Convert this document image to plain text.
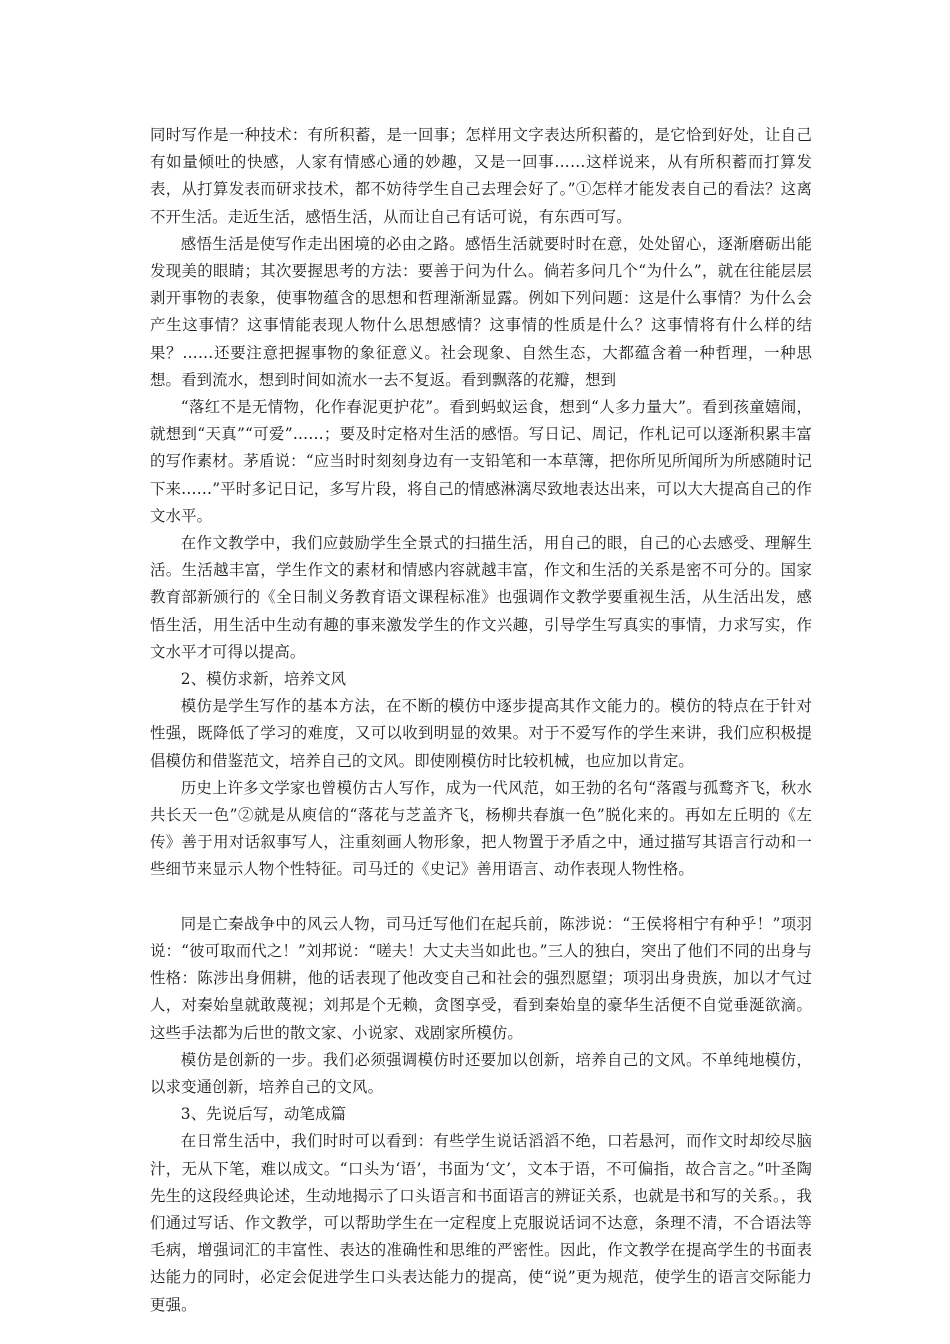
同时写作是一种技术：有所积蓄，是一回事；怎样用文字表达所积蓄的，是它恰到好处，让自己有如量倾吐的快感，人家有情感心通的妙趣，又是一回事……这样说来，从有所积蓄而打算发表，从打算发表而研求技术，都不妨待学生自己去理会好了。”①怎样才能发表自己的看法？这离不开生活。走近生活，感悟生活，从而让自己有话可说，有东西可写。

感悟生活是使写作走出困境的必由之路。感悟生活就要时时在意，处处留心，逐渐磨砺出能发现美的眼睛；其次要握思考的方法：要善于问为什么。倘若多问几个“为什么”，就在往能层层剥开事物的表象，使事物蕴含的思想和哲理渐渐显露。例如下列问题：这是什么事情？为什么会产生这事情？这事情能表现人物什么思想感情？这事情的性质是什么？这事情将有什么样的结果？……还要注意把握事物的象征意义。社会现象、自然生态，大都蕴含着一种哲理，一种思想。看到流水，想到时间如流水一去不复返。看到飘落的花瓣，想到

“落红不是无情物，化作春泥更护花”。看到蚂蚁运食，想到“人多力量大”。看到孩童嬉闹，就想到“天真”“可爱”……；要及时定格对生活的感悟。写日记、周记，作札记可以逐渐积累丰富的写作素材。茅盾说：“应当时时刻刻身边有一支铅笔和一本草簿，把你所见所闻所为所感随时记下来……”平时多记日记，多写片段，将自己的情感淋漓尽致地表达出来，可以大大提高自己的作文水平。

在作文教学中，我们应鼓励学生全景式的扫描生活，用自己的眼，自己的心去感受、理解生活。生活越丰富，学生作文的素材和情感内容就越丰富，作文和生活的关系是密不可分的。国家教育部新颁行的《全日制义务教育语文课程标准》也强调作文教学要重视生活，从生活出发，感悟生活，用生活中生动有趣的事来激发学生的作文兴趣，引导学生写真实的事情，力求写实，作文水平才可得以提高。

2、模仿求新，培养文风

模仿是学生写作的基本方法，在不断的模仿中逐步提高其作文能力的。模仿的特点在于针对性强，既降低了学习的难度，又可以收到明显的效果。对于不爱写作的学生来讲，我们应积极提倡模仿和借鉴范文，培养自己的文风。即使刚模仿时比较机械，也应加以肯定。

历史上许多文学家也曾模仿古人写作，成为一代风范，如王勃的名句“落霞与孤鹜齐飞，秋水共长天一色”②就是从庾信的“落花与芝盖齐飞，杨柳共春旗一色”脱化来的。再如左丘明的《左传》善于用对话叙事写人，注重刻画人物形象，把人物置于矛盾之中，通过描写其语言行动和一些细节来显示人物个性特征。司马迁的《史记》善用语言、动作表现人物性格。

同是亡秦战争中的风云人物，司马迁写他们在起兵前，陈涉说：“王侯将相宁有种乎！”项羽说：“彼可取而代之！”刘邦说：“嗟夫！大丈夫当如此也。”三人的独白，突出了他们不同的出身与性格：陈涉出身佣耕，他的话表现了他改变自己和社会的强烈愿望；项羽出身贵族，加以才气过人，对秦始皇就敢蔑视；刘邦是个无赖，贪图享受，看到秦始皇的豪华生活便不自觉垂涎欲滴。这些手法都为后世的散文家、小说家、戏剧家所模仿。

模仿是创新的一步。我们必须强调模仿时还要加以创新，培养自己的文风。不单纯地模仿，以求变通创新，培养自己的文风。

3、先说后写，动笔成篇

在日常生活中，我们时时可以看到：有些学生说话滔滔不绝，口若悬河，而作文时却绞尽脑汁，无从下笔，难以成文。“口头为‘语’，书面为‘文’，文本于语，不可偏指，故合言之。”叶圣陶先生的这段经典论述，生动地揭示了口头语言和书面语言的辨证关系，也就是书和写的关系。，我们通过写话、作文教学，可以帮助学生在一定程度上克服说话词不达意，条理不清，不合语法等毛病，增强词汇的丰富性、表达的准确性和思维的严密性。因此，作文教学在提高学生的书面表达能力的同时，必定会促进学生口头表达能力的提高，使“说”更为规范，使学生的语言交际能力更强。
